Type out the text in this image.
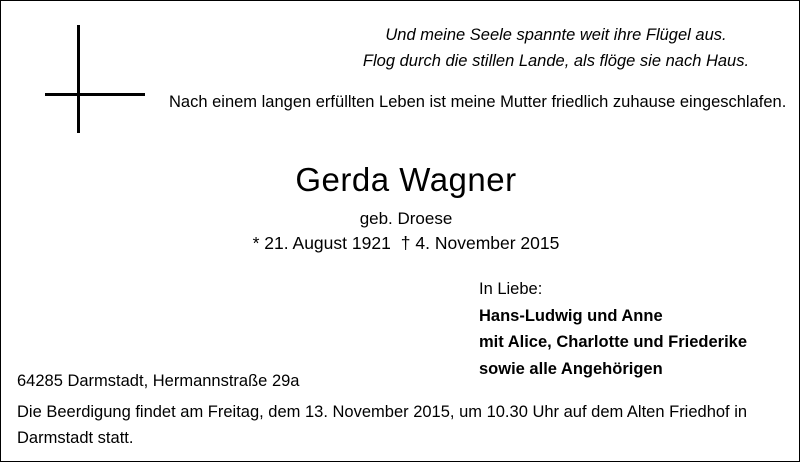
Und meine Seele spannte weit ihre Flügel aus.
Flog durch die stillen Lande, als flöge sie nach Haus.
Nach einem langen erfüllten Leben ist meine Mutter friedlich zuhause eingeschlafen.
Gerda Wagner
geb. Droese
* 21. August 1921 † 4. November 2015
In Liebe:
Hans-Ludwig und Anne
mit Alice, Charlotte und Friederike
sowie alle Angehörigen
64285 Darmstadt, Hermannstraße 29a
Die Beerdigung findet am Freitag, dem 13. November 2015, um 10.30 Uhr auf dem Alten Friedhof in Darmstadt statt.
